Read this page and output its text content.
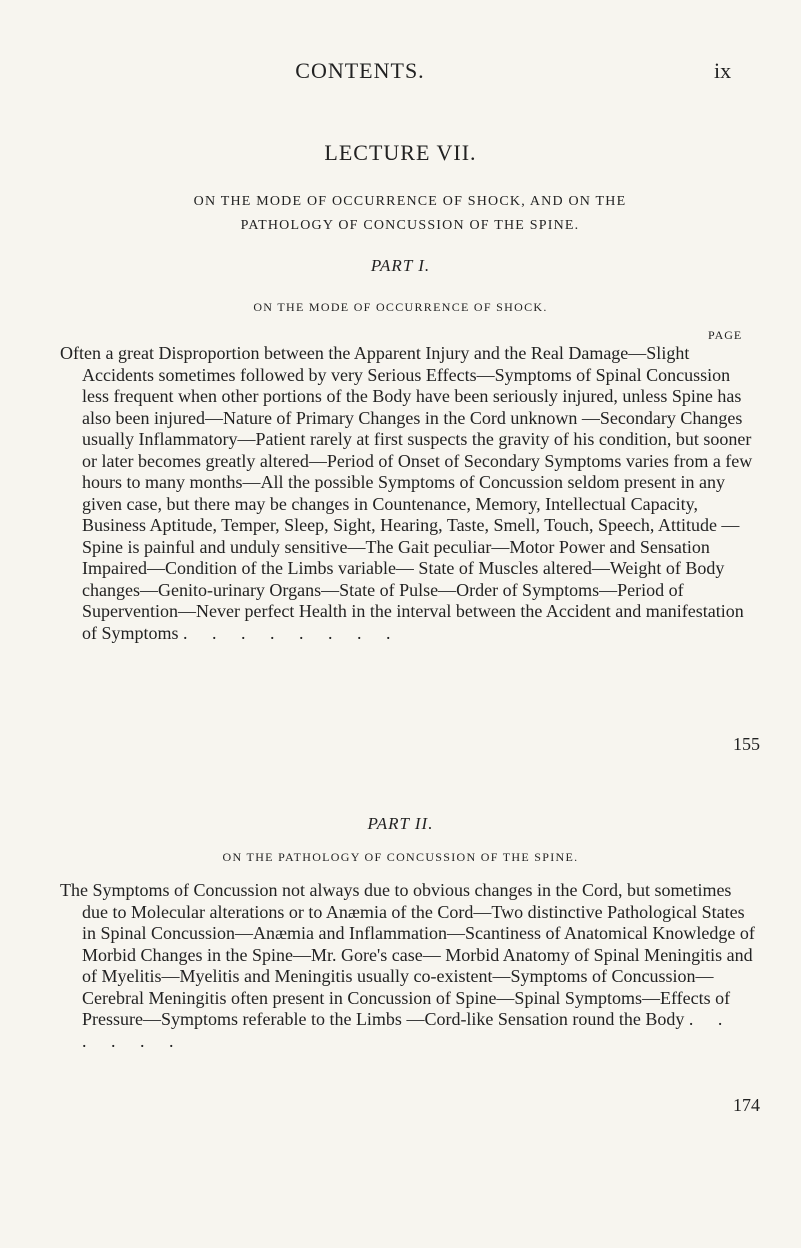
CONTENTS.	ix
LECTURE VII.
ON THE MODE OF OCCURRENCE OF SHOCK, AND ON THE
PATHOLOGY OF CONCUSSION OF THE SPINE.
PART I.
ON THE MODE OF OCCURRENCE OF SHOCK.
PAGE
Often a great Disproportion between the Apparent Injury and the Real Damage—Slight Accidents sometimes followed by very Serious Effects—Symptoms of Spinal Concussion less frequent when other portions of the Body have been seriously injured, unless Spine has also been injured—Nature of Primary Changes in the Cord unknown —Secondary Changes usually Inflammatory—Patient rarely at first suspects the gravity of his condition, but sooner or later becomes greatly altered—Period of Onset of Secondary Symptoms varies from a few hours to many months—All the possible Symptoms of Concussion seldom present in any given case, but there may be changes in Countenance, Memory, Intellectual Capacity, Business Aptitude, Temper, Sleep, Sight, Hearing, Taste, Smell, Touch, Speech, Attitude —Spine is painful and unduly sensitive—The Gait peculiar—Motor Power and Sensation Impaired—Condition of the Limbs variable— State of Muscles altered—Weight of Body changes—Genito-urinary Organs—State of Pulse—Order of Symptoms—Period of Supervention—Never perfect Health in the interval between the Accident and manifestation of Symptoms . . . . . . . .
155
PART II.
ON THE PATHOLOGY OF CONCUSSION OF THE SPINE.
The Symptoms of Concussion not always due to obvious changes in the Cord, but sometimes due to Molecular alterations or to Anæmia of the Cord—Two distinctive Pathological States in Spinal Concussion—Anæmia and Inflammation—Scantiness of Anatomical Knowledge of Morbid Changes in the Spine—Mr. Gore's case— Morbid Anatomy of Spinal Meningitis and of Myelitis—Myelitis and Meningitis usually co-existent—Symptoms of Concussion— Cerebral Meningitis often present in Concussion of Spine—Spinal Symptoms—Effects of Pressure—Symptoms referable to the Limbs —Cord-like Sensation round the Body . . . . . .
174
